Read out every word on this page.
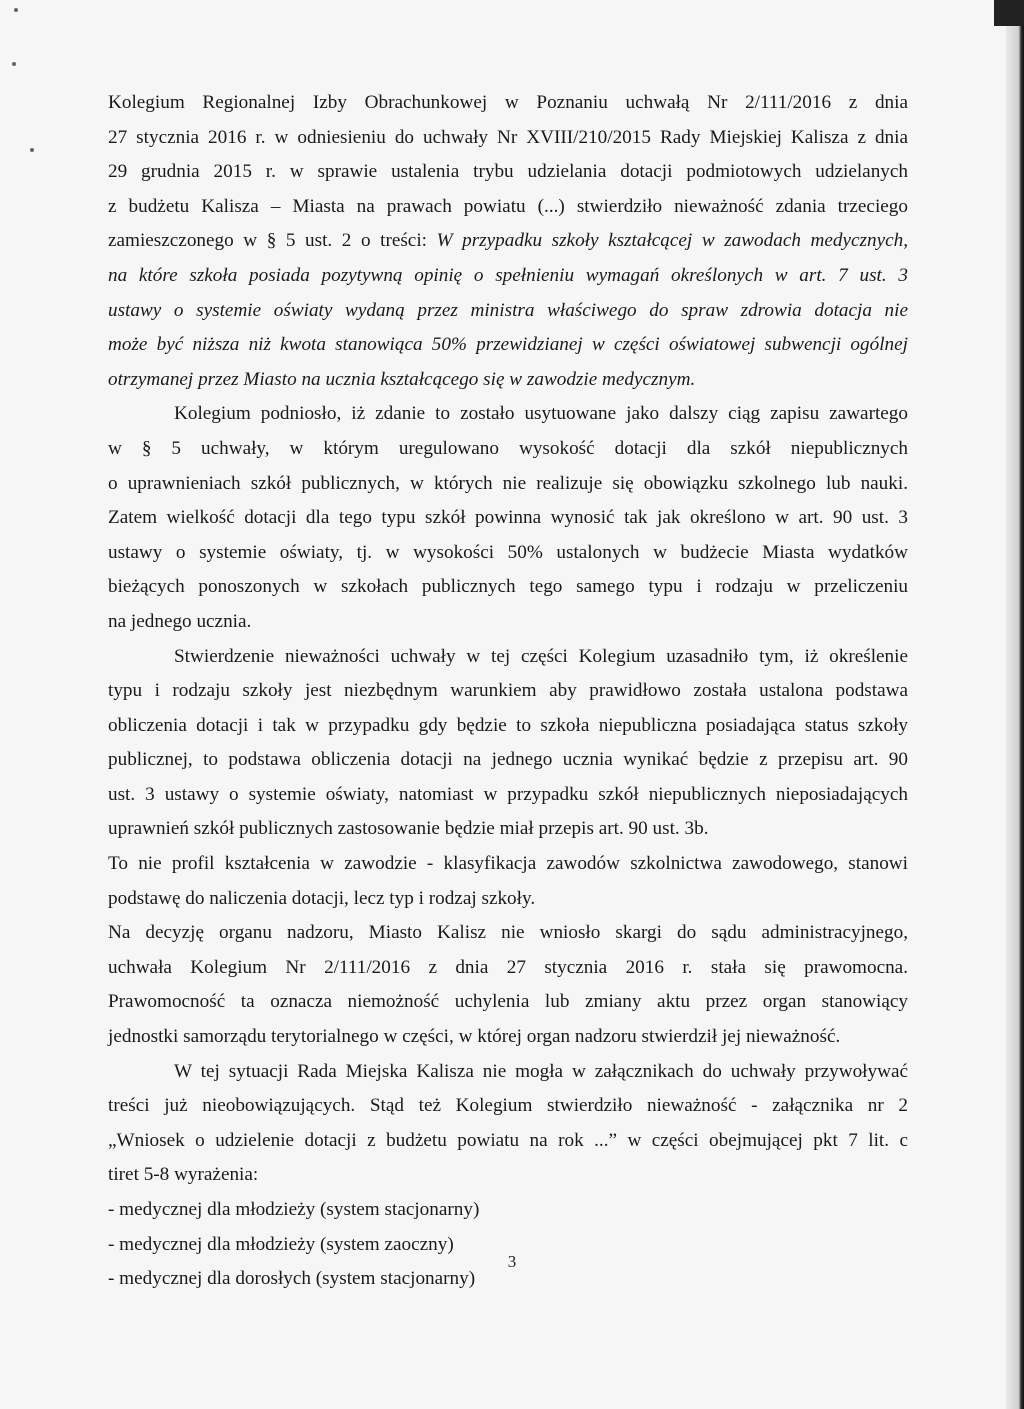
Kolegium Regionalnej Izby Obrachunkowej w Poznaniu uchwałą Nr 2/111/2016 z dnia
27 stycznia 2016 r. w odniesieniu do uchwały Nr XVIII/210/2015 Rady Miejskiej Kalisza z dnia
29 grudnia 2015 r. w sprawie ustalenia trybu udzielania dotacji podmiotowych udzielanych
z budżetu Kalisza – Miasta na prawach powiatu (...) stwierdziło nieważność zdania trzeciego
zamieszczonego w § 5 ust. 2 o treści: W przypadku szkoły kształcącej w zawodach medycznych,
na które szkoła posiada pozytywną opinię o spełnieniu wymagań określonych w art. 7 ust. 3
ustawy o systemie oświaty wydaną przez ministra właściwego do spraw zdrowia dotacja nie
może być niższa niż kwota stanowiąca 50% przewidzianej w części oświatowej subwencji ogólnej
otrzymanej przez Miasto na ucznia kształcącego się w zawodzie medycznym.
Kolegium podniosło, iż zdanie to zostało usytuowane jako dalszy ciąg zapisu zawartego
w § 5 uchwały, w którym uregulowano wysokość dotacji dla szkół niepublicznych
o uprawnieniach szkół publicznych, w których nie realizuje się obowiązku szkolnego lub nauki.
Zatem wielkość dotacji dla tego typu szkół powinna wynosić tak jak określono w art. 90 ust. 3
ustawy o systemie oświaty, tj. w wysokości 50% ustalonych w budżecie Miasta wydatków
bieżących ponoszonych w szkołach publicznych tego samego typu i rodzaju w przeliczeniu
na jednego ucznia.
Stwierdzenie nieważności uchwały w tej części Kolegium uzasadniło tym, iż określenie
typu i rodzaju szkoły jest niezbędnym warunkiem aby prawidłowo została ustalona podstawa
obliczenia dotacji i tak w przypadku gdy będzie to szkoła niepubliczna posiadająca status szkoły
publicznej, to podstawa obliczenia dotacji na jednego ucznia wynikać będzie z przepisu art. 90
ust. 3 ustawy o systemie oświaty, natomiast w przypadku szkół niepublicznych nieposiadających
uprawnień szkół publicznych zastosowanie będzie miał przepis art. 90 ust. 3b.
To nie profil kształcenia w zawodzie - klasyfikacja zawodów szkolnictwa zawodowego, stanowi
podstawę do naliczenia dotacji, lecz typ i rodzaj szkoły.
Na decyzję organu nadzoru, Miasto Kalisz nie wniosło skargi do sądu administracyjnego,
uchwała Kolegium Nr 2/111/2016 z dnia 27 stycznia 2016 r. stała się prawomocna.
Prawomocność ta oznacza niemożność uchylenia lub zmiany aktu przez organ stanowiący
jednostki samorządu terytorialnego w części, w której organ nadzoru stwierdził jej nieważność.
W tej sytuacji Rada Miejska Kalisza nie mogła w załącznikach do uchwały przywoływać
treści już nieobowiązujących. Stąd też Kolegium stwierdziło nieważność - załącznika nr 2
„Wniosek o udzielenie dotacji z budżetu powiatu na rok ...” w części obejmującej pkt 7 lit. c
tiret 5-8 wyrażenia:
- medycznej dla młodzieży (system stacjonarny)
- medycznej dla młodzieży (system zaoczny)
- medycznej dla dorosłych (system stacjonarny)
3
